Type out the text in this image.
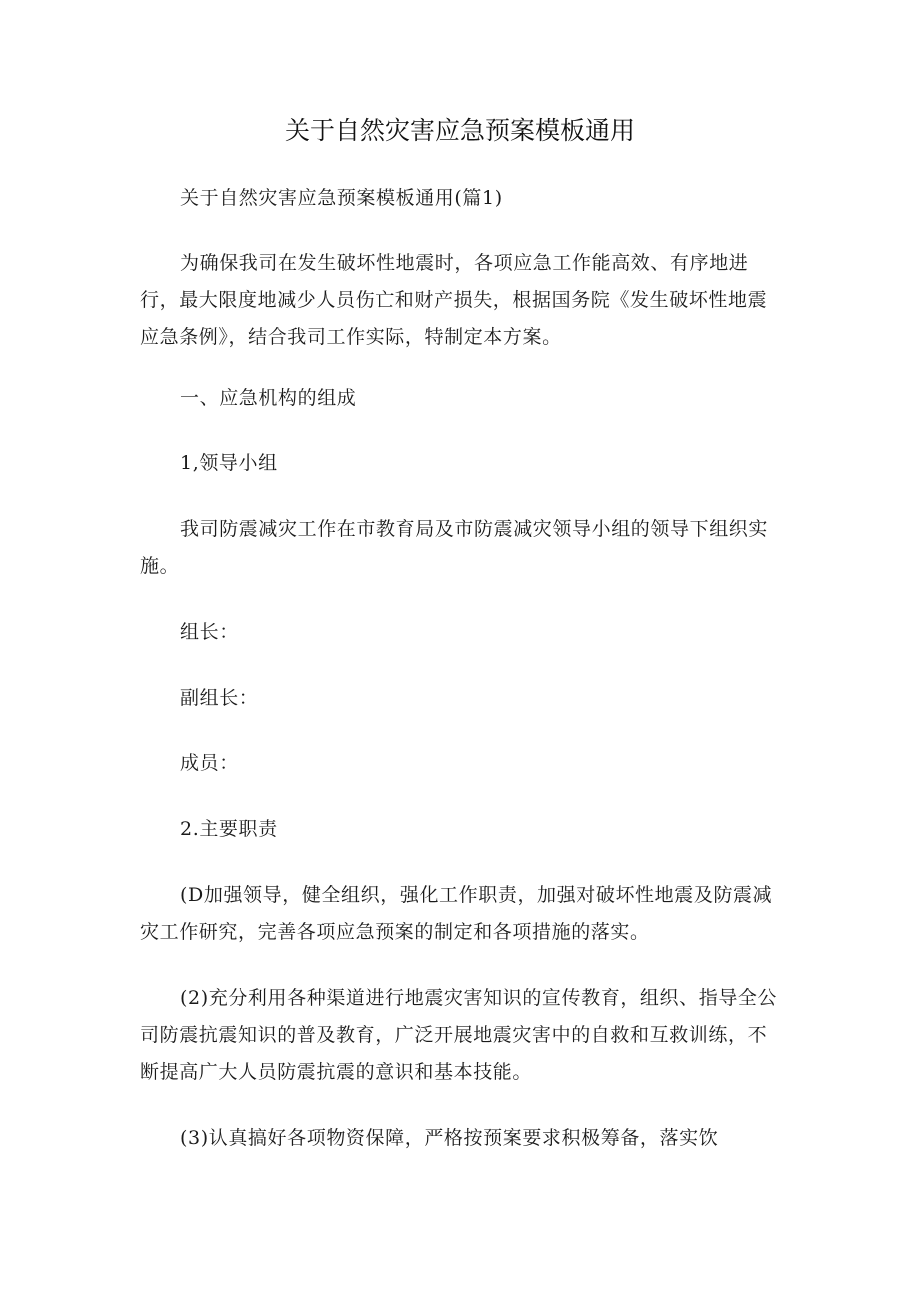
关于自然灾害应急预案模板通用

关于自然灾害应急预案模板通用(篇1)

为确保我司在发生破坏性地震时，各项应急工作能高效、有序地进行，最大限度地减少人员伤亡和财产损失，根据国务院《发生破坏性地震应急条例》，结合我司工作实际，特制定本方案。

一、应急机构的组成

1,领导小组

我司防震减灾工作在市教育局及市防震减灾领导小组的领导下组织实施。

组长：

副组长：

成员：

2.主要职责

(D加强领导，健全组织，强化工作职责，加强对破坏性地震及防震减灾工作研究，完善各项应急预案的制定和各项措施的落实。

(2)充分利用各种渠道进行地震灾害知识的宣传教育，组织、指导全公司防震抗震知识的普及教育，广泛开展地震灾害中的自救和互救训练，不断提高广大人员防震抗震的意识和基本技能。

(3)认真搞好各项物资保障，严格按预案要求积极筹备，落实饮
